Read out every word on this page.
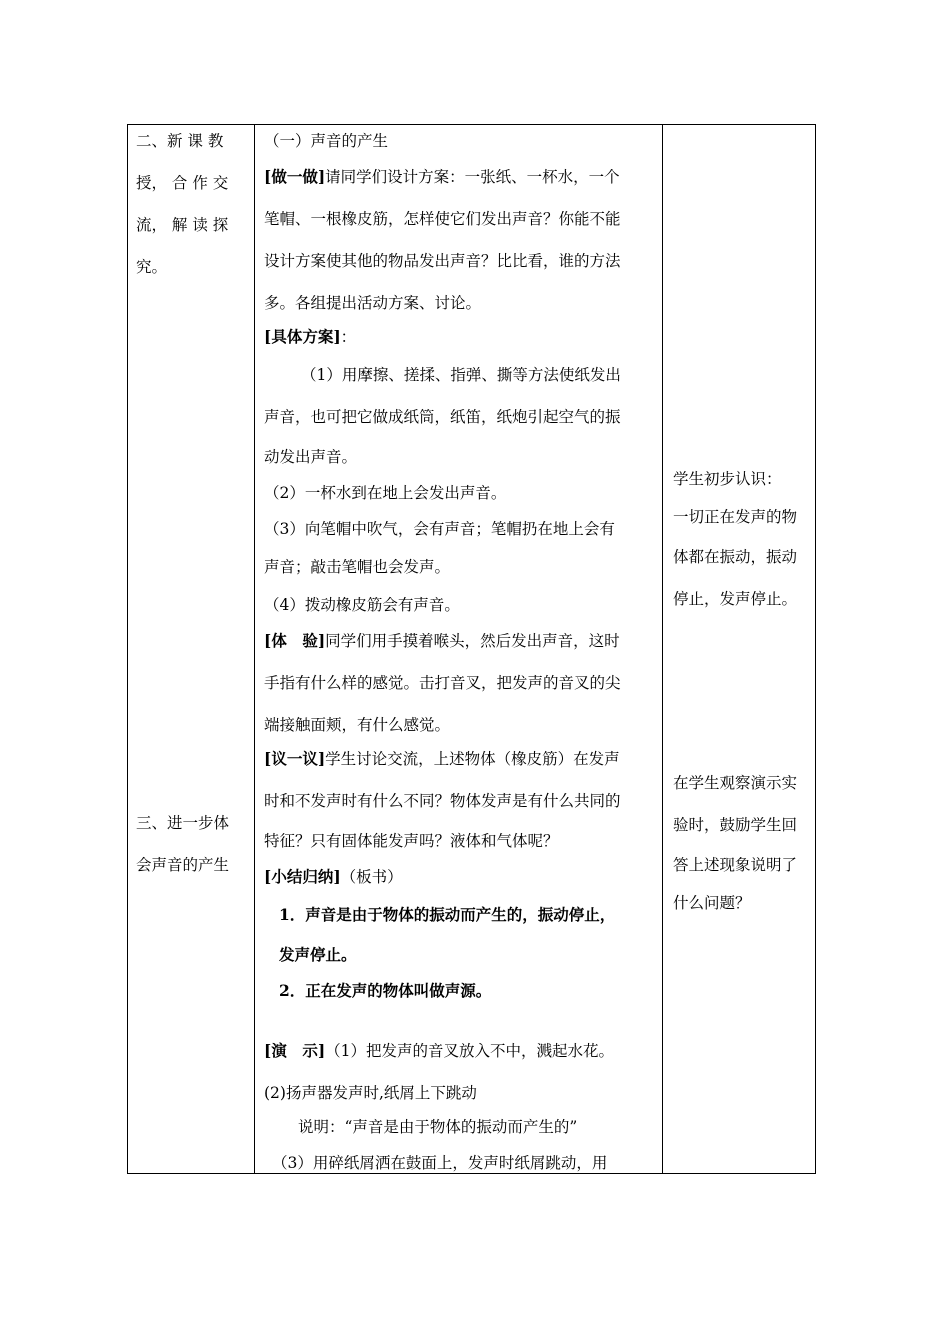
二、新 课 教
授， 合 作 交
流， 解 读 探
究。
三、进一步体
会声音的产生
（一）声音的产生
[做一做]请同学们设计方案：一张纸、一杯水，一个
笔帽、一根橡皮筋，怎样使它们发出声音？你能不能
设计方案使其他的物品发出声音？比比看，谁的方法
多。各组提出活动方案、讨论。
[具体方案]：
（1）用摩擦、搓揉、指弹、撕等方法使纸发出
声音，也可把它做成纸筒，纸笛，纸炮引起空气的振
动发出声音。
（2）一杯水到在地上会发出声音。
（3）向笔帽中吹气，会有声音；笔帽扔在地上会有
声音；敲击笔帽也会发声。
（4）拨动橡皮筋会有声音。
[体　验]同学们用手摸着喉头，然后发出声音，这时
手指有什么样的感觉。击打音叉，把发声的音叉的尖
端接触面颊，有什么感觉。
[议一议]学生讨论交流，上述物体（橡皮筋）在发声
时和不发声时有什么不同？物体发声是有什么共同的
特征？只有固体能发声吗？液体和气体呢？
[小结归纳]（板书）
1．声音是由于物体的振动而产生的，振动停止，
发声停止。
2．正在发声的物体叫做声源。
[演　示]（1）把发声的音叉放入不中，溅起水花。
(2)扬声器发声时,纸屑上下跳动
说明：“声音是由于物体的振动而产生的”
（3）用碎纸屑洒在鼓面上，发声时纸屑跳动，用
学生初步认识：
一切正在发声的物
体都在振动，振动
停止，发声停止。
在学生观察演示实
验时，鼓励学生回
答上述现象说明了
什么问题？
